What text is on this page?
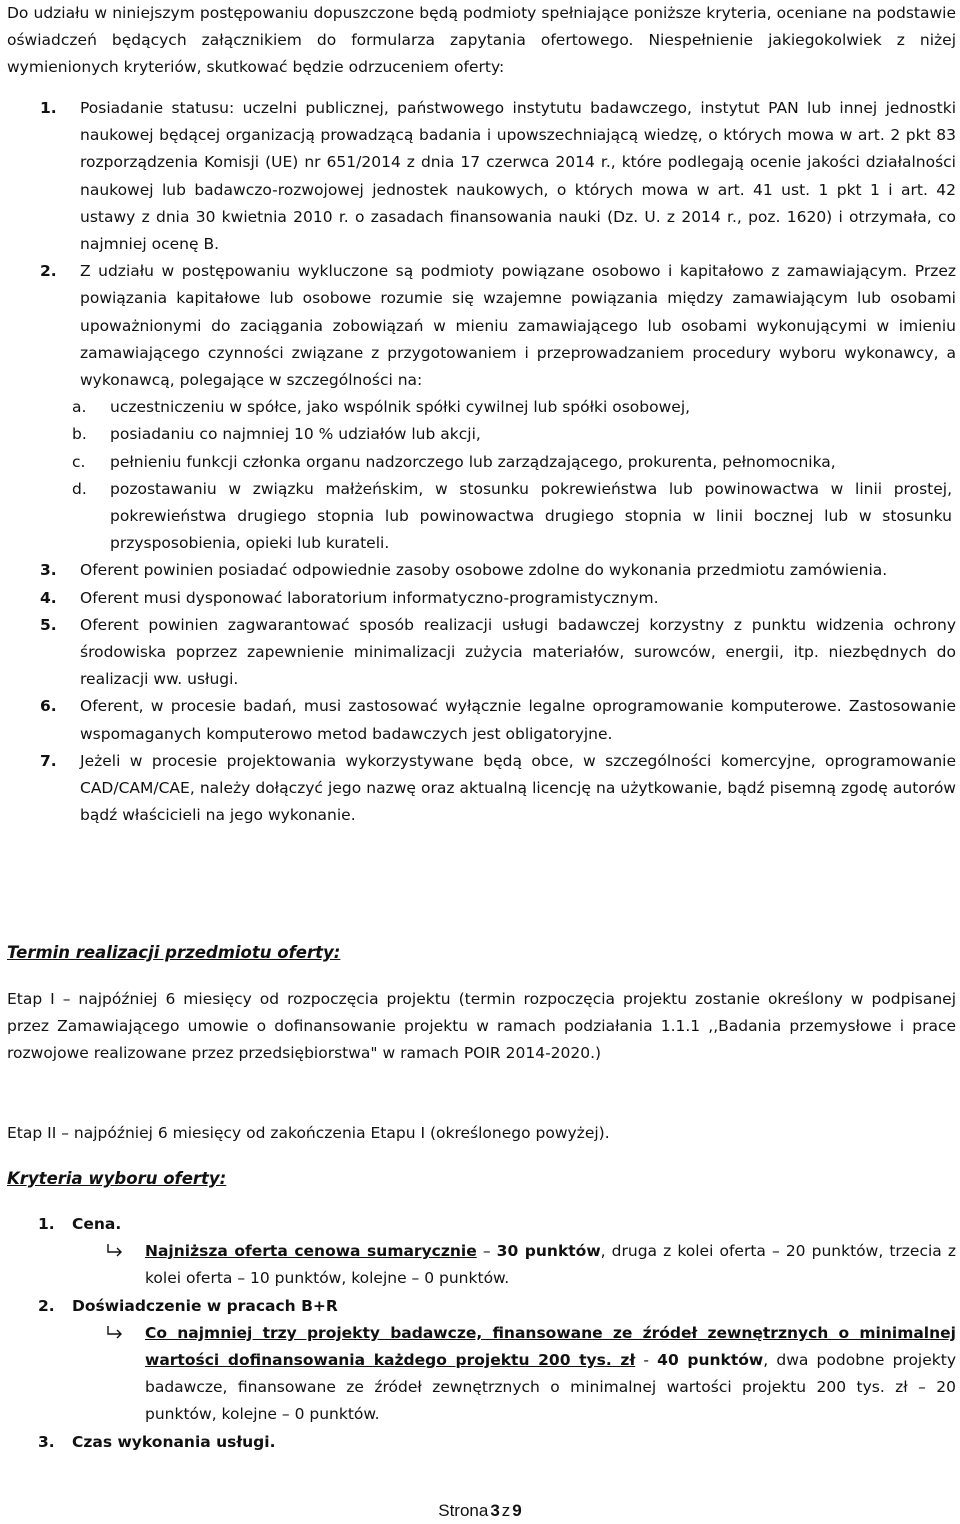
Do udziału w niniejszym postępowaniu dopuszczone będą podmioty spełniające poniższe kryteria, oceniane na podstawie oświadczeń będących załącznikiem do formularza zapytania ofertowego. Niespełnienie jakiegokolwiek z niżej wymienionych kryteriów, skutkować będzie odrzuceniem oferty:

1. Posiadanie statusu: uczelni publicznej, państwowego instytutu badawczego, instytut PAN lub innej jednostki naukowej będącej organizacją prowadzącą badania i upowszechniającą wiedzę, o których mowa w art. 2 pkt 83 rozporządzenia Komisji (UE) nr 651/2014 z dnia 17 czerwca 2014 r., które podlegają ocenie jakości działalności naukowej lub badawczo-rozwojowej jednostek naukowych, o których mowa w art. 41 ust. 1 pkt 1 i art. 42 ustawy z dnia 30 kwietnia 2010 r. o zasadach finansowania nauki (Dz. U. z 2014 r., poz. 1620) i otrzymała, co najmniej ocenę B.
2. Z udziału w postępowaniu wykluczone są podmioty powiązane osobowo i kapitałowo z zamawiającym. Przez powiązania kapitałowe lub osobowe rozumie się wzajemne powiązania między zamawiającym lub osobami upoważnionymi do zaciągania zobowiązań w mieniu zamawiającego lub osobami wykonującymi w imieniu zamawiającego czynności związane z przygotowaniem i przeprowadzaniem procedury wyboru wykonawcy, a wykonawcą, polegające w szczególności na:
a. uczestniczeniu w spółce, jako wspólnik spółki cywilnej lub spółki osobowej,
b. posiadaniu co najmniej 10 % udziałów lub akcji,
c. pełnieniu funkcji członka organu nadzorczego lub zarządzającego, prokurenta, pełnomocnika,
d. pozostawaniu w związku małżeńskim, w stosunku pokrewieństwa lub powinowactwa w linii prostej, pokrewieństwa drugiego stopnia lub powinowactwa drugiego stopnia w linii bocznej lub w stosunku przysposobienia, opieki lub kurateli.
3. Oferent powinien posiadać odpowiednie zasoby osobowe zdolne do wykonania przedmiotu zamówienia.
4. Oferent musi dysponować laboratorium informatyczno-programistycznym.
5. Oferent powinien zagwarantować sposób realizacji usługi badawczej korzystny z punktu widzenia ochrony środowiska poprzez zapewnienie minimalizacji zużycia materiałów, surowców, energii, itp. niezbędnych do realizacji ww. usługi.
6. Oferent, w procesie badań, musi zastosować wyłącznie legalne oprogramowanie komputerowe. Zastosowanie wspomaganych komputerowo metod badawczych jest obligatoryjne.
7. Jeżeli w procesie projektowania wykorzystywane będą obce, w szczególności komercyjne, oprogramowanie CAD/CAM/CAE, należy dołączyć jego nazwę oraz aktualną licencję na użytkowanie, bądź pisemną zgodę autorów bądź właścicieli na jego wykonanie.

Termin realizacji przedmiotu oferty:

Etap I – najpóźniej 6 miesięcy od rozpoczęcia projektu (termin rozpoczęcia projektu zostanie określony w podpisanej przez Zamawiającego umowie o dofinansowanie projektu w ramach podziałania 1.1.1 ,,Badania przemysłowe i prace rozwojowe realizowane przez przedsiębiorstwa" w ramach POIR 2014-2020.)

Etap II – najpóźniej 6 miesięcy od zakończenia Etapu I (określonego powyżej).

Kryteria wyboru oferty:

1. Cena.
Najniższa oferta cenowa sumarycznie – 30 punktów, druga z kolei oferta – 20 punktów, trzecia z kolei oferta – 10 punktów, kolejne – 0 punktów.
2. Doświadczenie w pracach B+R
Co najmniej trzy projekty badawcze, finansowane ze źródeł zewnętrznych o minimalnej wartości dofinansowania każdego projektu 200 tys. zł - 40 punktów, dwa podobne projekty badawcze, finansowane ze źródeł zewnętrznych o minimalnej wartości projektu 200 tys. zł – 20 punktów, kolejne – 0 punktów.
3. Czas wykonania usługi.
Strona 3 z 9
